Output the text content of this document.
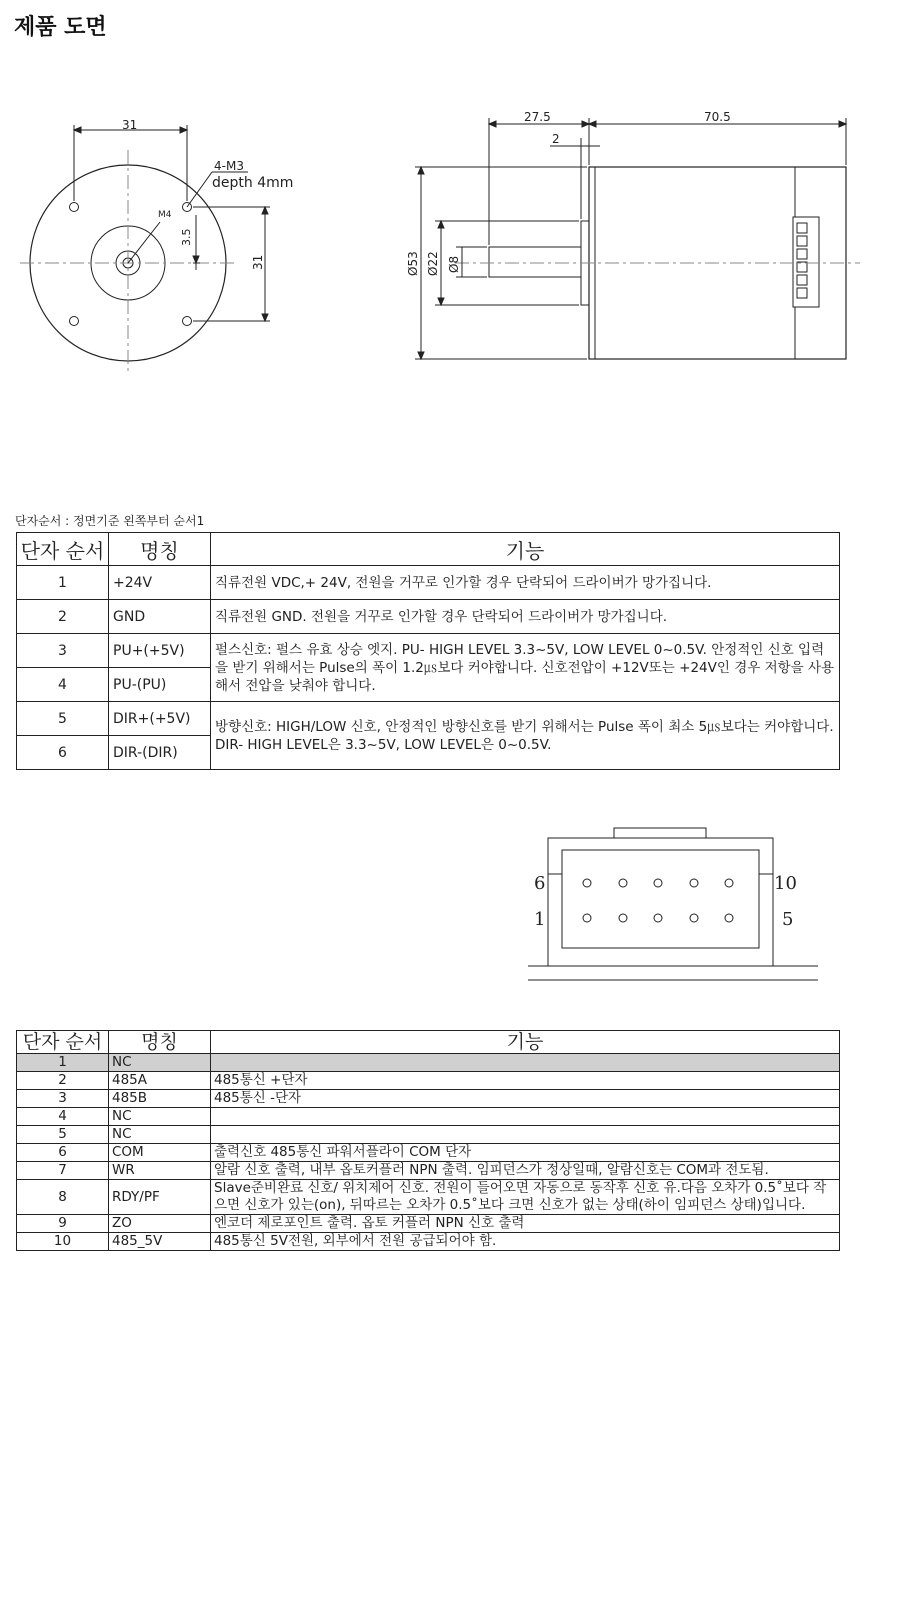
제품 도면
31
31
3.5
4-M3
depth 4mm
M4
27.5	70.5
2
Ø53 Ø22 Ø8
단자순서 : 정면기준 왼쪽부터 순서1
단자 순서	명칭	기능
1	+24V	직류전원 VDC,+ 24V, 전원을 거꾸로 인가할 경우 단락되어 드라이버가 망가집니다.
2	GND	직류전원 GND. 전원을 거꾸로 인가할 경우 단락되어 드라이버가 망가집니다.
3	PU+(+5V)	펄스신호: 펄스 유효 상승 엣지. PU- HIGH LEVEL 3.3~5V, LOW LEVEL 0~0.5V. 안정적인 신호 입력을 받기 위해서는 Pulse의 폭이 1.2㎲보다 커야합니다. 신호전압이 +12V또는 +24V인 경우 저항을 사용해서 전압을 낮춰야 합니다.
4	PU-(PU)	
5	DIR+(+5V)	방향신호: HIGH/LOW 신호, 안정적인 방향신호를 받기 위해서는 Pulse 폭이 최소 5㎲보다는 커야합니다. DIR- HIGH LEVEL은 3.3~5V, LOW LEVEL은 0~0.5V.
6	DIR-(DIR)	
6	10
1	5
단자 순서	명칭	기능
1	NC	
2	485A	485통신 +단자
3	485B	485통신 -단자
4	NC	
5	NC	
6	COM	출력신호 485통신 파워서플라이 COM 단자
7	WR	알람 신호 출력, 내부 옵토커플러 NPN 출력. 임피던스가 정상일때, 알람신호는 COM과 전도됨.
8	RDY/PF	Slave준비완료 신호/ 위치제어 신호. 전원이 들어오면 자동으로 동작후 신호 유.다음 오차가 0.5˚보다 작으면 신호가 있는(on), 뒤따르는 오차가 0.5˚보다 크면 신호가 없는 상태(하이 임피던스 상태)입니다.
9	ZO	엔코더 제로포인트 출력. 옵토 커플러 NPN 신호 출력
10	485_5V	485통신 5V전원, 외부에서 전원 공급되어야 함.
